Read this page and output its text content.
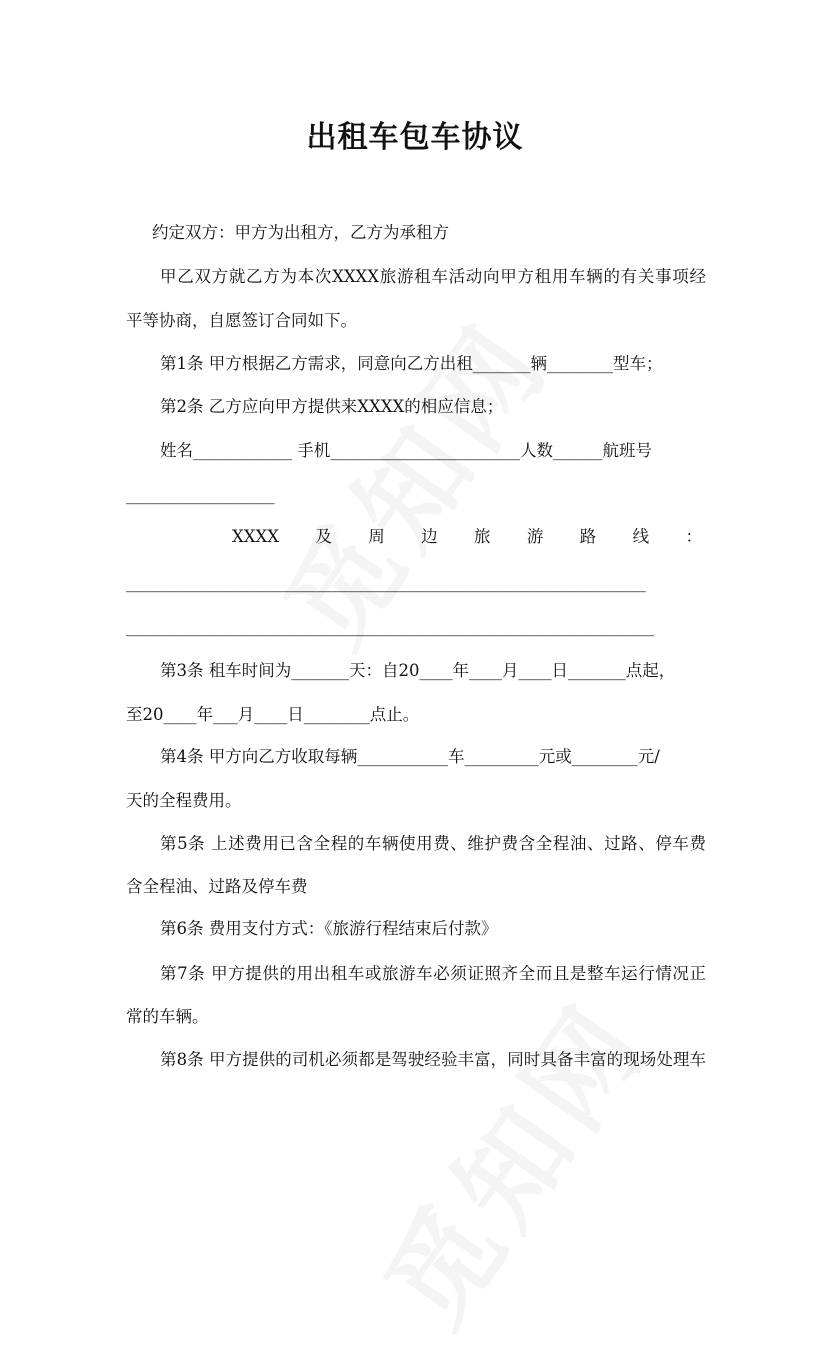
出租车包车协议
约定双方：甲方为出租方，乙方为承租方
甲乙双方就乙方为本次XXXX旅游租车活动向甲方租用车辆的有关事项经
平等协商，自愿签订合同如下。
第1条 甲方根据乙方需求，同意向乙方出租_______辆________型车；
第2条 乙方应向甲方提供来XXXX的相应信息；
姓名____________ 手机_______________________人数______航班号
__________________
XXXX 及 周 边 旅 游 路 线 ：
_______________________________________________________________
________________________________________________________________
第3条 租车时间为_______天：自20____年____月____日_______点起，
至20____年___月____日________点止。
第4条 甲方向乙方收取每辆___________车_________元或________元/
天的全程费用。
第5条 上述费用已含全程的车辆使用费、维护费含全程油、过路、停车费
含全程油、过路及停车费
第6条 费用支付方式：《旅游行程结束后付款》
第7条 甲方提供的用出租车或旅游车必须证照齐全而且是整车运行情况正
常的车辆。
第8条 甲方提供的司机必须都是驾驶经验丰富，同时具备丰富的现场处理车
